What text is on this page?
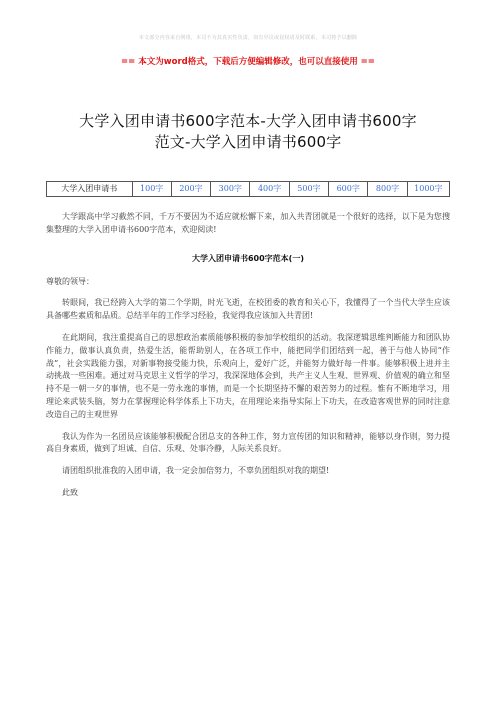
本文部分内容来自网络，本司不为其真实性负责，如有异议或侵权请及时联系，本司将予以删除
== 本文为word格式，下载后方便编辑修改，也可以直接使用 ==
大学入团申请书600字范本-大学入团申请书600字
范文-大学入团申请书600字
大学入团申请书	100字	200字	300字	400字	500字	600字	800字	1000字

大学跟高中学习截然不同，千万不要因为不适应就松懈下来，加入共青团就是一个很好的选择，以下是为您搜集整理的大学入团申请书600字范本，欢迎阅读!

大学入团申请书600字范本(一)

尊敬的领导：

转眼间，我已经跨入大学的第二个学期，时光飞逝，在校团委的教育和关心下，我懂得了一个当代大学生应该具备哪些素质和品质。总结半年的工作学习经验，我觉得我应该加入共青团!

在此期间，我注重提高自己的思想政治素质能够积极的参加学校组织的活动。我深逻辑思维判断能力和团队协作能力，做事认真负责，热爱生活，能帮助别人，在各项工作中，能把同学们团结到一起，善于与他人协同“作战”，社会实践能力强，对新事物接受能力快，乐观向上，爱好广泛，并能努力做好每一件事。能够积极上进并主动挑战一些困难。通过对马克思主义哲学的学习，我深深地体会到，共产主义人生观、世界观、价值观的确立和坚持不是一朝一夕的事情，也不是一劳永逸的事情，而是一个长期坚持不懈的艰苦努力的过程。惟有不断地学习，用理论来武装头脑，努力在掌握理论科学体系上下功夫，在用理论来指导实际上下功夫，在改造客观世界的同时注意改造自己的主观世界

我认为作为一名团员应该能够积极配合团总支的各种工作，努力宣传团的知识和精神，能够以身作则，努力提高自身素质，做到了坦诚、自信、乐观、处事冷静，人际关系良好。

请团组织批准我的入团申请，我一定会加倍努力，不辜负团组织对我的期望!

此致
